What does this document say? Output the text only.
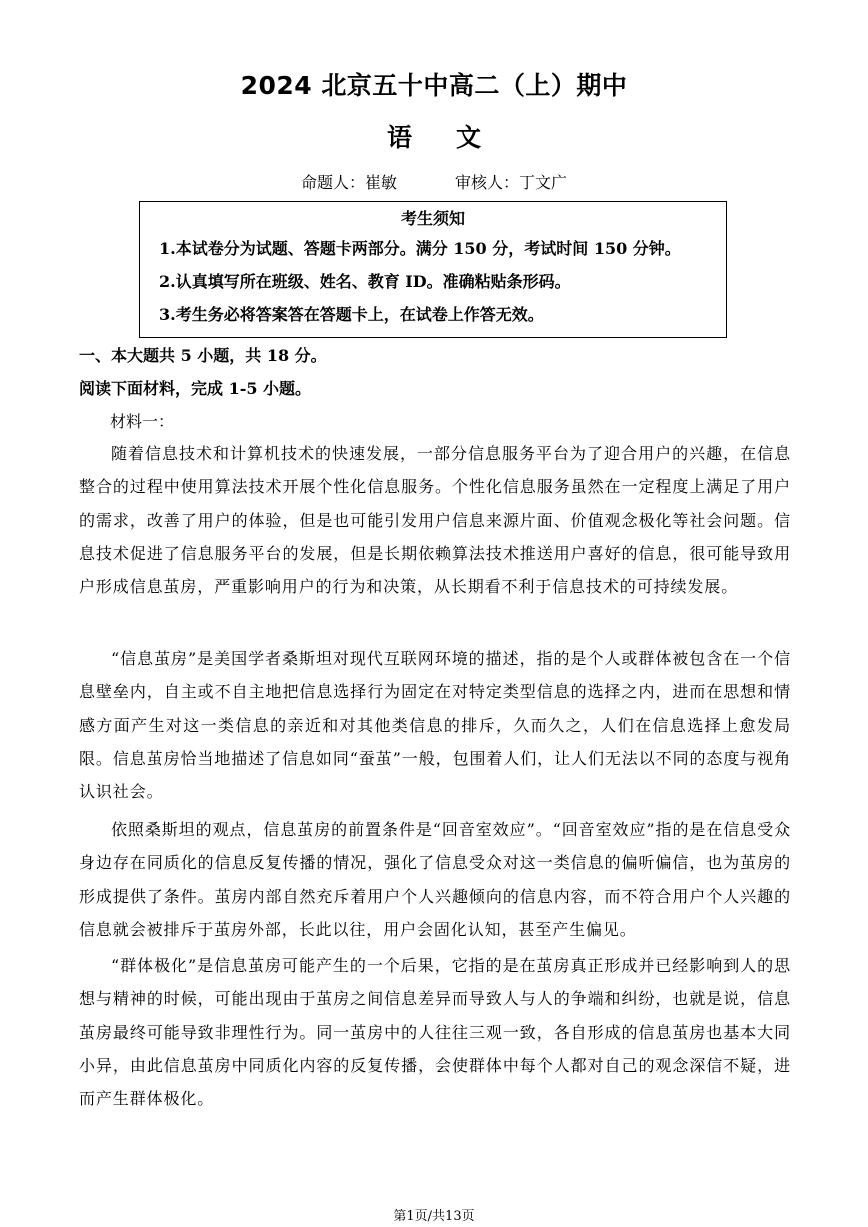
2024 北京五十中高二（上）期中
语文
命题人：崔敏	审核人：丁文广
考生须知
1.本试卷分为试题、答题卡两部分。满分 150 分，考试时间 150 分钟。
2.认真填写所在班级、姓名、教育 ID。准确粘贴条形码。
3.考生务必将答案答在答题卡上，在试卷上作答无效。
一、本大题共 5 小题，共 18 分。
阅读下面材料，完成 1-5 小题。
材料一：
随着信息技术和计算机技术的快速发展，一部分信息服务平台为了迎合用户的兴趣，在信息整合的过程中使用算法技术开展个性化信息服务。个性化信息服务虽然在一定程度上满足了用户的需求，改善了用户的体验，但是也可能引发用户信息来源片面、价值观念极化等社会问题。信息技术促进了信息服务平台的发展，但是长期依赖算法技术推送用户喜好的信息，很可能导致用户形成信息茧房，严重影响用户的行为和决策，从长期看不利于信息技术的可持续发展。
“信息茧房”是美国学者桑斯坦对现代互联网环境的描述，指的是个人或群体被包含在一个信息壁垒内，自主或不自主地把信息选择行为固定在对特定类型信息的选择之内，进而在思想和情感方面产生对这一类信息的亲近和对其他类信息的排斥，久而久之，人们在信息选择上愈发局限。信息茧房恰当地描述了信息如同“蚕茧”一般，包围着人们，让人们无法以不同的态度与视角认识社会。
依照桑斯坦的观点，信息茧房的前置条件是“回音室效应”。“回音室效应”指的是在信息受众身边存在同质化的信息反复传播的情况，强化了信息受众对这一类信息的偏听偏信，也为茧房的形成提供了条件。茧房内部自然充斥着用户个人兴趣倾向的信息内容，而不符合用户个人兴趣的信息就会被排斥于茧房外部，长此以往，用户会固化认知，甚至产生偏见。
“群体极化”是信息茧房可能产生的一个后果，它指的是在茧房真正形成并已经影响到人的思想与精神的时候，可能出现由于茧房之间信息差异而导致人与人的争端和纠纷，也就是说，信息茧房最终可能导致非理性行为。同一茧房中的人往往三观一致，各自形成的信息茧房也基本大同小异，由此信息茧房中同质化内容的反复传播，会使群体中每个人都对自己的观念深信不疑，进而产生群体极化。
第1页/共13页
